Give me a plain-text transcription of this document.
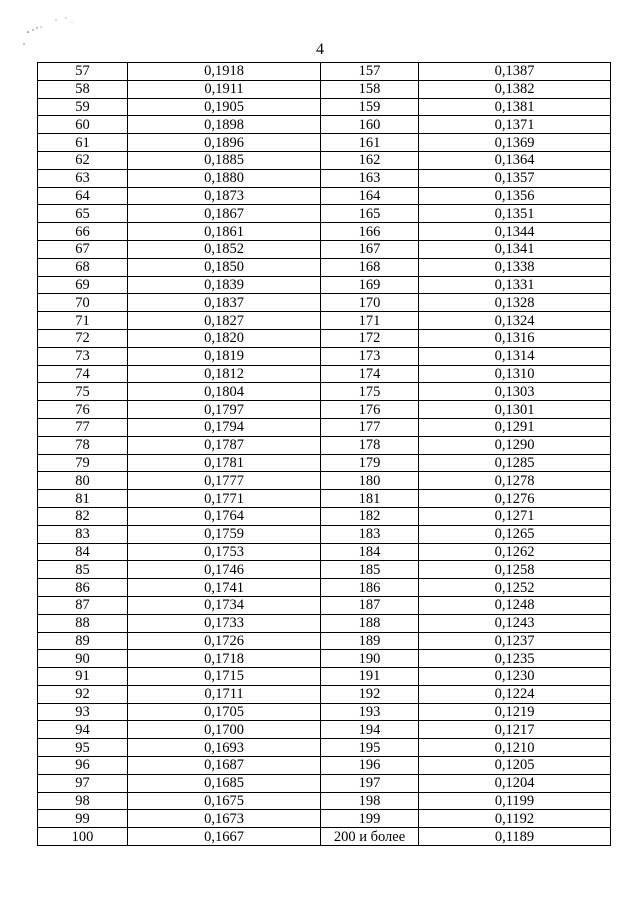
4
57	0,1918	157	0,1387
58	0,1911	158	0,1382
59	0,1905	159	0,1381
60	0,1898	160	0,1371
61	0,1896	161	0,1369
62	0,1885	162	0,1364
63	0,1880	163	0,1357
64	0,1873	164	0,1356
65	0,1867	165	0,1351
66	0,1861	166	0,1344
67	0,1852	167	0,1341
68	0,1850	168	0,1338
69	0,1839	169	0,1331
70	0,1837	170	0,1328
71	0,1827	171	0,1324
72	0,1820	172	0,1316
73	0,1819	173	0,1314
74	0,1812	174	0,1310
75	0,1804	175	0,1303
76	0,1797	176	0,1301
77	0,1794	177	0,1291
78	0,1787	178	0,1290
79	0,1781	179	0,1285
80	0,1777	180	0,1278
81	0,1771	181	0,1276
82	0,1764	182	0,1271
83	0,1759	183	0,1265
84	0,1753	184	0,1262
85	0,1746	185	0,1258
86	0,1741	186	0,1252
87	0,1734	187	0,1248
88	0,1733	188	0,1243
89	0,1726	189	0,1237
90	0,1718	190	0,1235
91	0,1715	191	0,1230
92	0,1711	192	0,1224
93	0,1705	193	0,1219
94	0,1700	194	0,1217
95	0,1693	195	0,1210
96	0,1687	196	0,1205
97	0,1685	197	0,1204
98	0,1675	198	0,1199
99	0,1673	199	0,1192
100	0,1667	200 и более	0,1189
